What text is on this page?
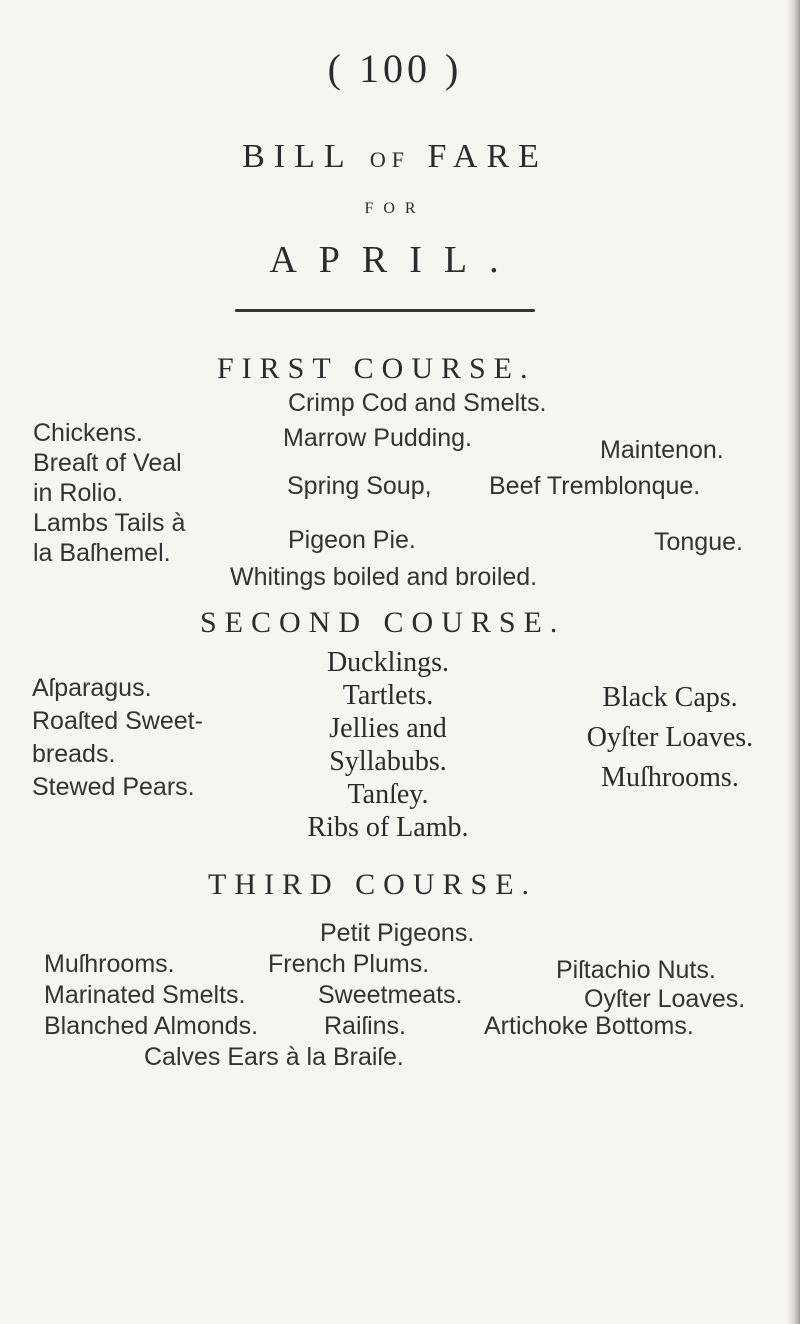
( 100 )
BILL OF FARE
FOR
APRIL.
FIRST COURSE.
Crimp Cod and Smelts.
Chickens.
Breaſt of Veal
in Rolio.
Lambs Tails à
la Baſhemel.
Marrow Pudding.
Spring Soup,
Pigeon Pie.
Maintenon.
Beef Tremblonque.
Tongue.
Whitings boiled and broiled.
SECOND COURSE.
Aſparagus.
Roaſted Sweet-
breads.
Stewed Pears.
Ducklings.
Tartlets.
Jellies and
Syllabubs.
Tanſey.
Ribs of Lamb.
Black Caps.
Oyſter Loaves.
Muſhrooms.
THIRD COURSE.
Petit Pigeons.
Muſhrooms.	French Plums.	Piſtachio Nuts.
Marinated Smelts.	Sweetmeats.	Oyſter Loaves.
Blanched Almonds.	Raiſins.	Artichoke Bottoms.
Calves Ears à la Braiſe.
